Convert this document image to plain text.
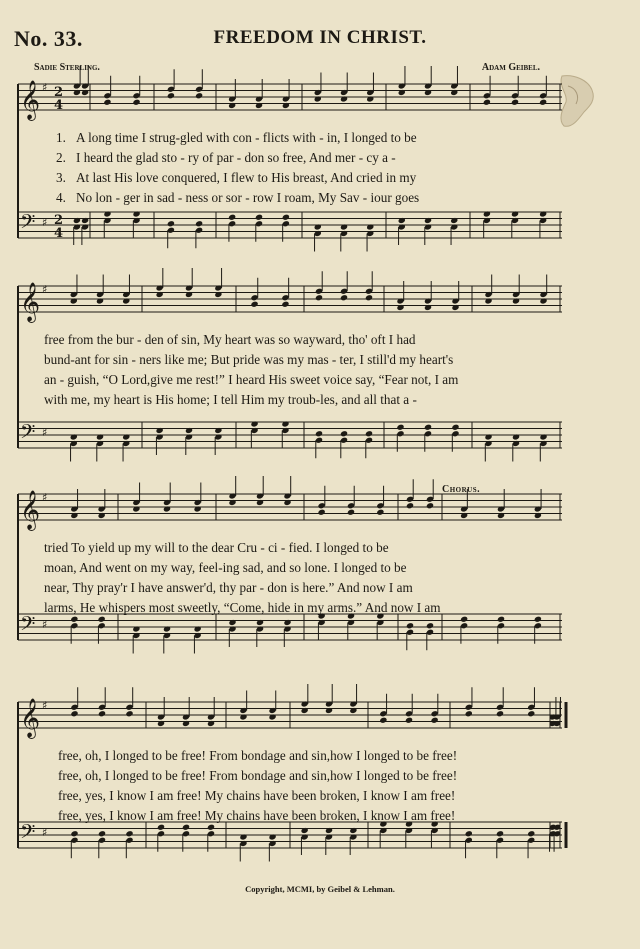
No. 33.	FREEDOM IN CHRIST.
Sadie Sterling.	Adam Geibel.
𝄞 ♯ 2
4
𝄢 ♯ 2
4
1. A long time I strug-gled with con - flicts with - in, I longed to be
2. I heard the glad sto - ry of par - don so free, And mer - cy a -
3. At last His love conquered, I flew to His breast, And cried in my
4. No lon - ger in sad - ness or sor - row I roam, My Sav - iour goes
𝄞 ♯
𝄢 ♯
free from the bur - den of sin, My heart was so wayward, tho' oft I had
bund-ant for sin - ners like me; But pride was my mas - ter, I still'd my heart's
an - guish, “O Lord,give me rest!” I heard His sweet voice say, “Fear not, I am
with me, my heart is His home; I tell Him my troub-les, and all that a -
𝄞 ♯
𝄢 ♯
Chorus.
tried To yield up my will to the dear Cru - ci - fied. I longed to be
moan, And went on my way, feel-ing sad, and so lone. I longed to be
near, Thy pray'r I have answer'd, thy par - don is here.” And now I am
larms, He whispers most sweetly, “Come, hide in my arms.” And now I am
𝄞 ♯
𝄢 ♯
free, oh, I longed to be free! From bondage and sin,how I longed to be free!
free, oh, I longed to be free! From bondage and sin,how I longed to be free!
free, yes, I know I am free! My chains have been broken, I know I am free!
free, yes, I know I am free! My chains have been broken, I know I am free!
Copyright, MCMI, by Geibel & Lehman.
